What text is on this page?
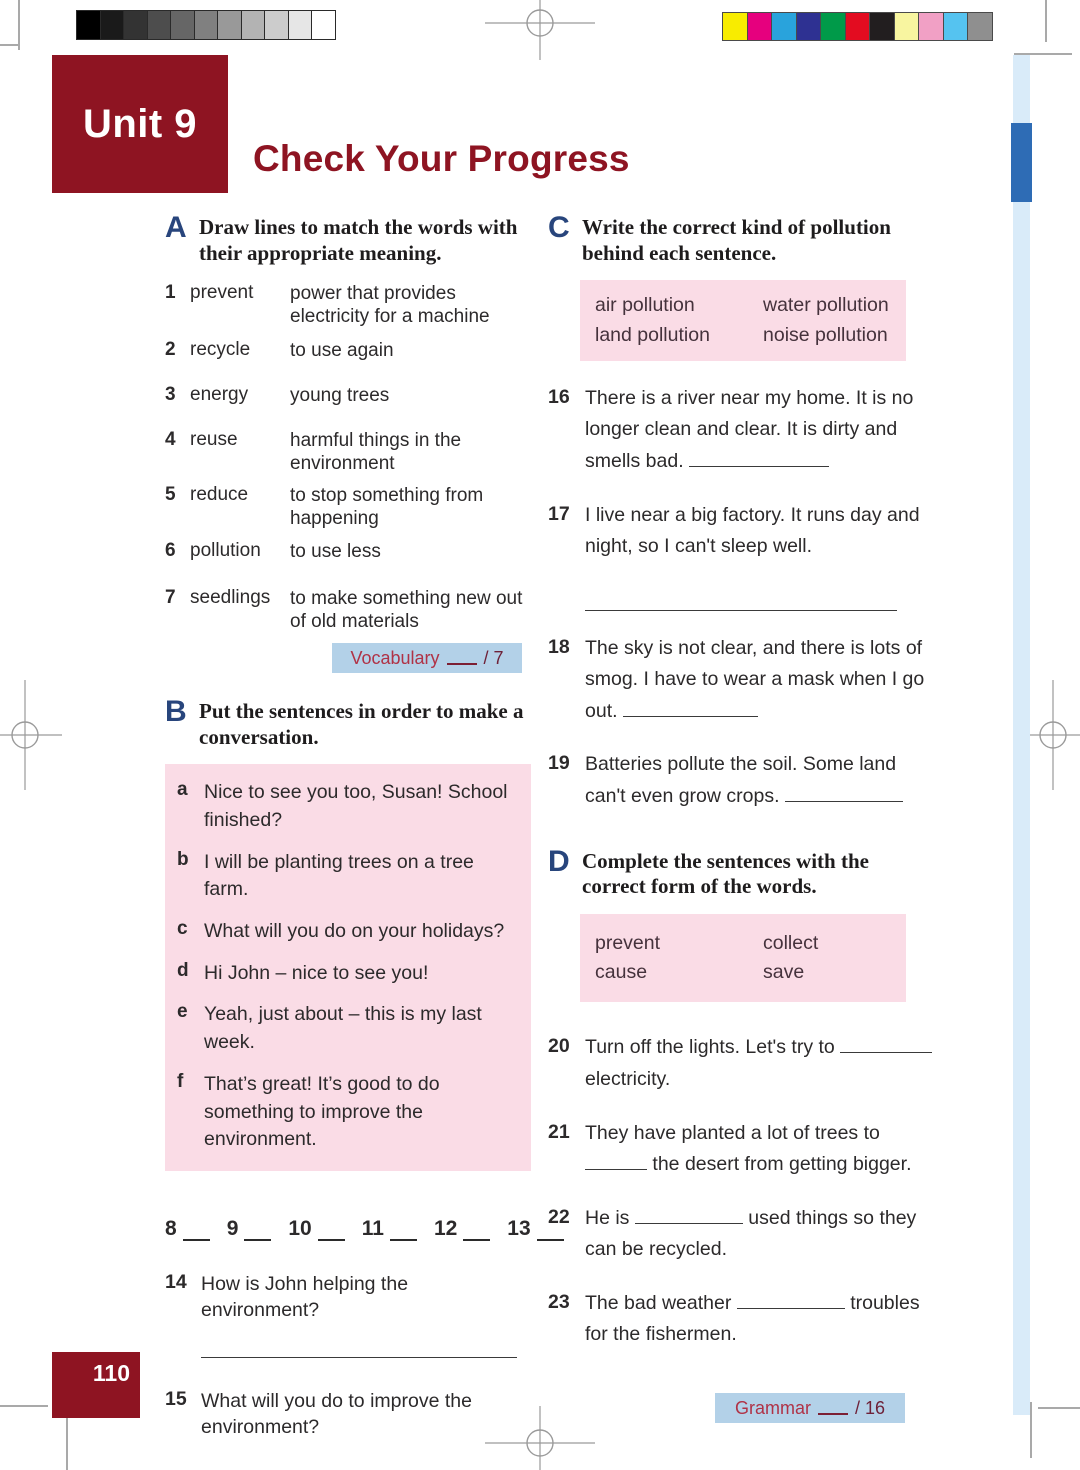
Unit 9
Check Your Progress
A Draw lines to match the words with their appropriate meaning.
1 prevent	power that provides electricity for a machine
2 recycle	to use again
3 energy	young trees
4 reuse	harmful things in the environment
5 reduce	to stop something from happening
6 pollution	to use less
7 seedlings	to make something new out of old materials
Vocabulary / 7
B Put the sentences in order to make a conversation.
a Nice to see you too, Susan! School finished?
b I will be planting trees on a tree farm.
c What will you do on your holidays?
d Hi John – nice to see you!
e Yeah, just about – this is my last week.
f	That’s great! It’s good to do something to improve the environment.
8 9 10 11 12 13
14 How is John helping the environment?
15 What will you do to improve the environment?
C Write the correct kind of pollution behind each sentence.
air pollution	water pollution
land pollution	noise pollution
16 There is a river near my home. It is no longer clean and clear. It is dirty and smells bad.
17 I live near a big factory. It runs day and night, so I can't sleep well.
18 The sky is not clear, and there is lots of smog. I have to wear a mask when I go out.
19 Batteries pollute the soil. Some land can't even grow crops.
D Complete the sentences with the correct form of the words.
prevent	collect
cause	save
20 Turn off the lights. Let's try to  electricity.
21 They have planted a lot of trees to  the desert from getting bigger.
22 He is	used things so they can be recycled.
23 The bad weather	troubles for the fishermen.
Grammar / 16
110
